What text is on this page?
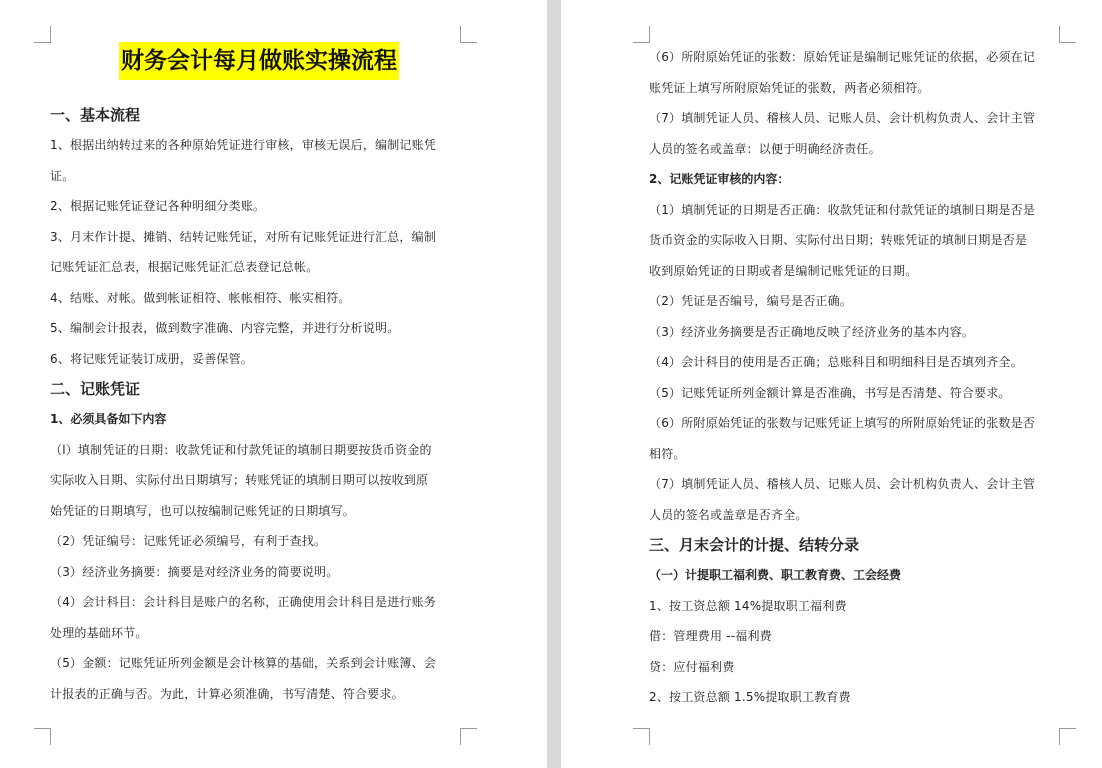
财务会计每月做账实操流程
一、基本流程

1、根据出纳转过来的各种原始凭证进行审核，审核无误后，编制记账凭

证。

2、根据记账凭证登记各种明细分类账。

3、月末作计提、摊销、结转记账凭证，对所有记账凭证进行汇总，编制

记账凭证汇总表，根据记账凭证汇总表登记总帐。

4、结账、对帐。做到帐证相符、帐帐相符、帐实相符。

5、编制会计报表，做到数字准确、内容完整，并进行分析说明。

6、将记账凭证装订成册，妥善保管。

二、记账凭证

1、必须具备如下内容

（l）填制凭证的日期：收款凭证和付款凭证的填制日期要按货币资金的

实际收入日期、实际付出日期填写；转账凭证的填制日期可以按收到原

始凭证的日期填写，也可以按编制记账凭证的日期填写。

（2）凭证编号：记账凭证必须编号，有利于查找。

（3）经济业务摘要：摘要是对经济业务的简要说明。

（4）会计科目：会计科目是账户的名称，正确使用会计科目是进行账务

处理的基础环节。

（5）金额：记账凭证所列金额是会计核算的基础，关系到会计账簿、会

计报表的正确与否。为此，计算必须准确，书写清楚、符合要求。

（6）所附原始凭证的张数：原始凭证是编制记账凭证的依据，必须在记

账凭证上填写所附原始凭证的张数，两者必须相符。

（7）填制凭证人员、稽核人员、记账人员、会计机构负责人、会计主管

人员的签名或盖章：以便于明确经济责任。

2、记账凭证审核的内容：

（1）填制凭证的日期是否正确：收款凭证和付款凭证的填制日期是否是

货币资金的实际收入日期、实际付出日期；转账凭证的填制日期是否是

收到原始凭证的日期或者是编制记账凭证的日期。

（2）凭证是否编号，编号是否正确。

（3）经济业务摘要是否正确地反映了经济业务的基本内容。

（4）会计科目的使用是否正确；总账科目和明细科目是否填列齐全。

（5）记账凭证所列金额计算是否准确，书写是否清楚、符合要求。

（6）所附原始凭证的张数与记账凭证上填写的所附原始凭证的张数是否

相符。

（7）填制凭证人员、稽核人员、记账人员、会计机构负责人、会计主管

人员的签名或盖章是否齐全。

三、月末会计的计提、结转分录

（一）计提职工福利费、职工教育费、工会经费

1、按工资总额 14%提取职工福利费

借：管理费用 --福利费

贷：应付福利费

2、按工资总额 1.5%提取职工教育费
